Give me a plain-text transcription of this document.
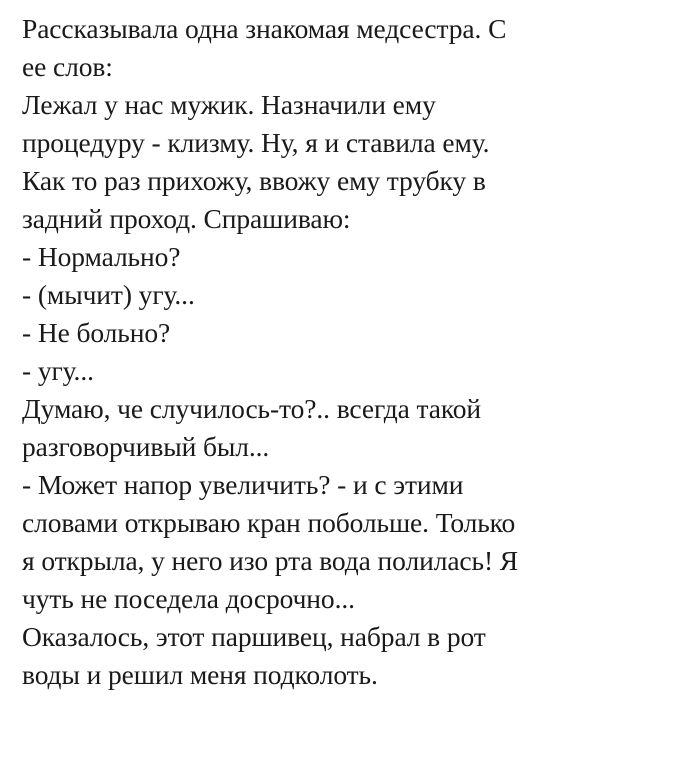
Рассказывала одна знакомая медсестра. С
ее слов:
Лежал у нас мужик. Назначили ему
процедуру - клизму. Ну, я и ставила ему.
Как то раз прихожу, ввожу ему трубку в
задний проход. Спрашиваю:
- Нормально?
- (мычит) угу...
- Не больно?
- угу...
Думаю, че случилось-то?.. всегда такой
разговорчивый был...
- Может напор увеличить? - и с этими
словами открываю кран побольше. Только
я открыла, у него изо рта вода полилась! Я
чуть не поседела досрочно...
Оказалось, этот паршивец, набрал в рот
воды и решил меня подколоть.
